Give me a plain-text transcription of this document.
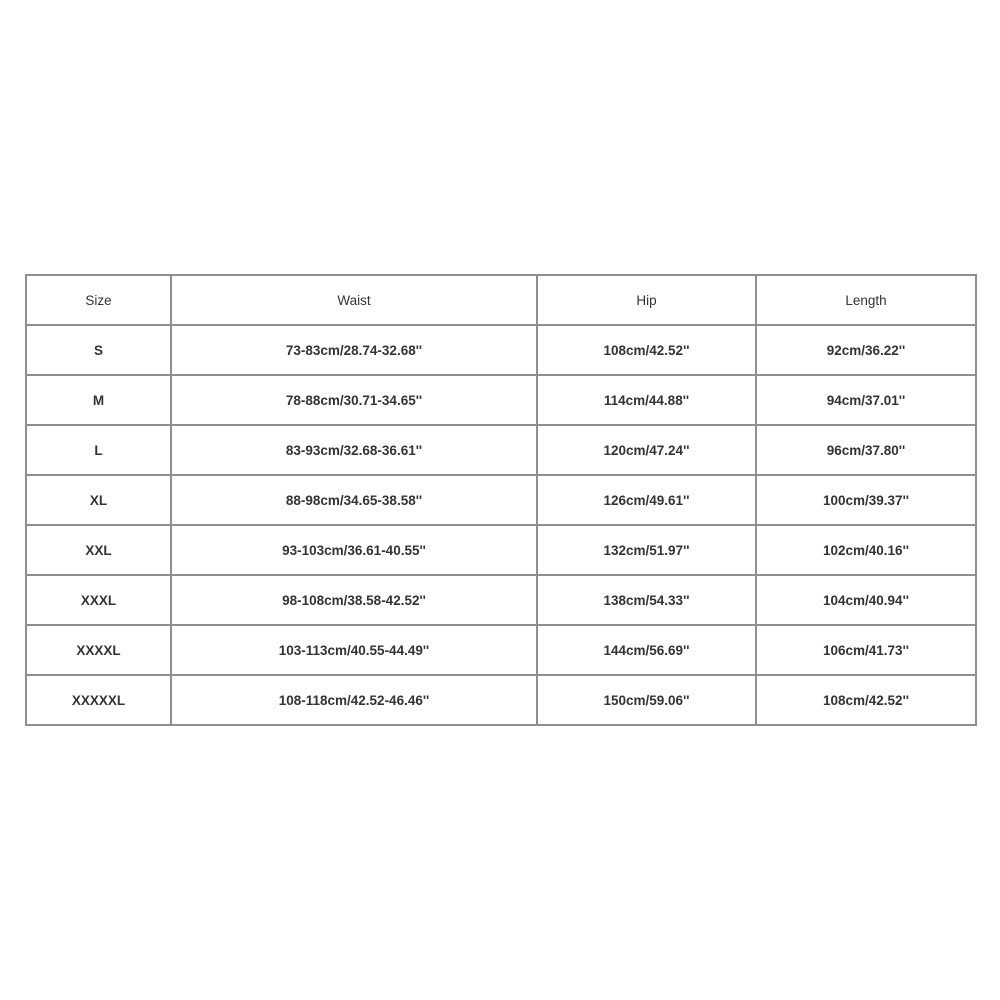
Size	Waist	Hip	Length
S	73-83cm/28.74-32.68''	108cm/42.52''	92cm/36.22''
M	78-88cm/30.71-34.65''	114cm/44.88''	94cm/37.01''
L	83-93cm/32.68-36.61''	120cm/47.24''	96cm/37.80''
XL	88-98cm/34.65-38.58''	126cm/49.61''	100cm/39.37''
XXL	93-103cm/36.61-40.55''	132cm/51.97''	102cm/40.16''
XXXL	98-108cm/38.58-42.52''	138cm/54.33''	104cm/40.94''
XXXXL	103-113cm/40.55-44.49''	144cm/56.69''	106cm/41.73''
XXXXXL	108-118cm/42.52-46.46''	150cm/59.06''	108cm/42.52''
